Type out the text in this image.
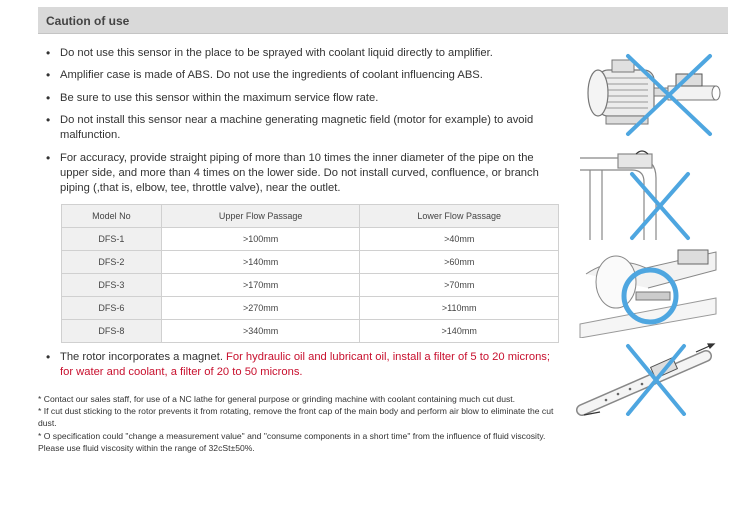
Caution of use
• Do not use this sensor in the place to be sprayed with coolant liquid directly to amplifier.
• Amplifier case is made of ABS. Do not use the ingredients of coolant influencing ABS.
• Be sure to use this sensor within the maximum service flow rate.
• Do not install this sensor near a machine generating magnetic field (motor for example) to avoid malfunction.
• For accuracy, provide straight piping of more than 10 times the inner diameter of the pipe on the upper side, and more than 4 times on the lower side. Do not install curved, confluence, or branch piping (,that is, elbow, tee, throttle valve), near the outlet.
• The rotor incorporates a magnet. For hydraulic oil and lubricant oil, install a filter of 5 to 20 microns; for water and coolant, a filter of 20 to 50 microns.
Model No	Upper Flow Passage	Lower Flow Passage
DFS-1	>100mm	>40mm
DFS-2	>140mm	>60mm
DFS-3	>170mm	>70mm
DFS-6	>270mm	>110mm
DFS-8	>340mm	>140mm
* Contact our sales staff, for use of a NC lathe for general purpose or grinding machine with coolant containing much cut dust.
* If cut dust sticking to the rotor prevents it from rotating, remove the front cap of the main body and perform air blow to eliminate the cut dust.
* O specification could "change a measurement value" and "consume components in a short time" from the influence of fluid viscosity.
Please use fluid viscosity within the range of 32cSt±50%.
